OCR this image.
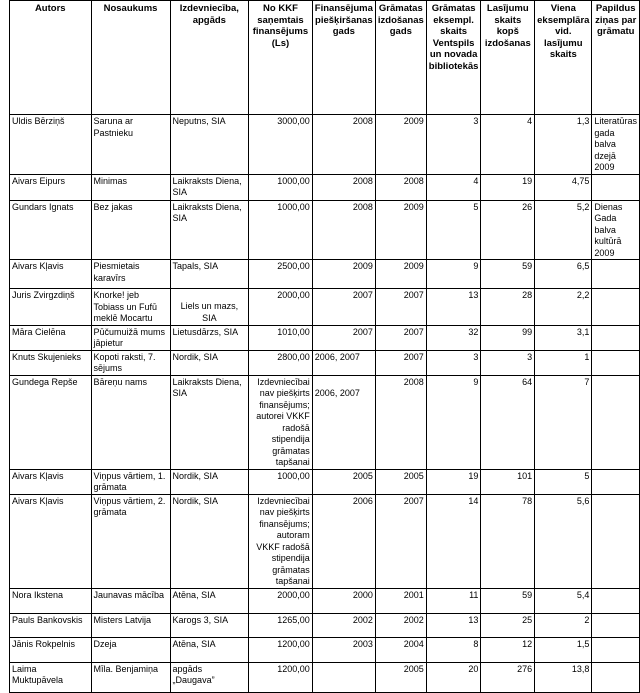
Autors	Nosaukums	Izdevniecība, apgāds	No KKF saņemtais finansējums (Ls)	Finansējuma piešķiršanas gads	Grāmatas izdošanas gads	Grāmatas eksempl. skaits Ventspils un novada bibliotekās	Lasījumu skaits kopš izdošanas	Viena eksemplāra vid. lasījumu skaits	Papildus ziņas par grāmatu
Uldis Bērziņš	Saruna ar Pastnieku	Neputns, SIA	3000,00	2008	2009	3	4	1,3	Literatūras gada balva dzejā 2009
Aivars Eipurs	Minimas	Laikraksts Diena, SIA	1000,00	2008	2008	4	19	4,75	
Gundars Ignats	Bez jakas	Laikraksts Diena, SIA	1000,00	2008	2009	5	26	5,2	Dienas Gada balva kultūrā 2009
Aivars Kļavis	Piesmietais karavīrs	Tapals, SIA	2500,00	2009	2009	9	59	6,5	
Juris Zvirgzdiņš	Knorke! jeb Tobiass un Fufū meklē Mocartu	Liels un mazs, SIA	2000,00	2007	2007	13	28	2,2	
Māra Cielēna	Pūčumuižā mums jāpietur	Lietusdārzs, SIA	1010,00	2007	2007	32	99	3,1	
Knuts Skujenieks	Kopoti raksti, 7. sējums	Nordik, SIA	2800,00	2006, 2007	2007	3	3	1	
Gundega Repše	Bāreņu nams	Laikraksts Diena, SIA	Izdevniecībai nav piešķirts finansējums; autorei VKKF radošā stipendija grāmatas tapšanai	2006, 2007	2008	9	64	7	
Aivars Kļavis	Viņpus vārtiem, 1. grāmata	Nordik, SIA	1000,00	2005	2005	19	101	5	
Aivars Kļavis	Viņpus vārtiem, 2. grāmata	Nordik, SIA	Izdevniecībai nav piešķirts finansējums; autoram VKKF radošā stipendija grāmatas tapšanai	2006	2007	14	78	5,6	
Nora Ikstena	Jaunavas mācība	Atēna, SIA	2000,00	2000	2001	11	59	5,4	
Pauls Bankovskis	Misters Latvija	Karogs 3, SIA	1265,00	2002	2002	13	25	2	
Jānis Rokpelnis	Dzeja	Atēna, SIA	1200,00	2003	2004	8	12	1,5	
Laima Muktupāvela	Mīla. Benjamiņa	apgāds „Daugava”	1200,00		2005	20	276	13,8	
